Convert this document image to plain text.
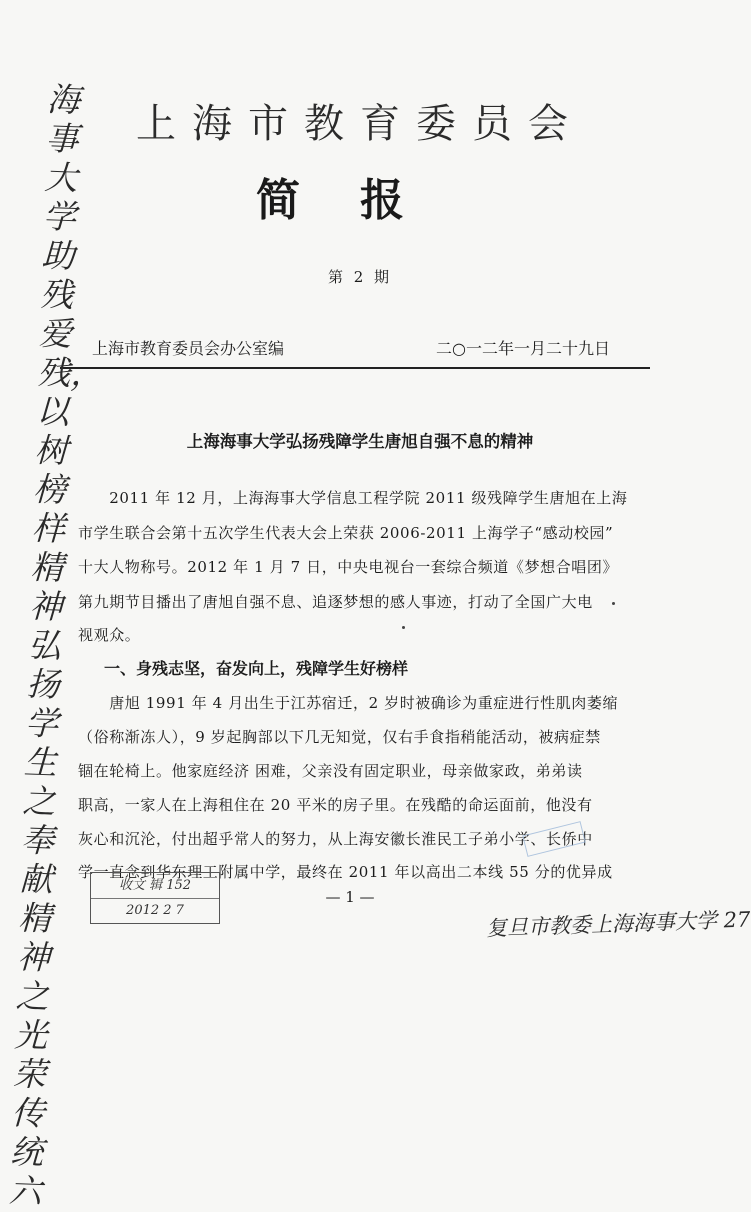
上海市教育委员会
简报
第 2 期
上海市教育委员会办公室编	二○一二年一月二十九日
上海海事大学弘扬残障学生唐旭自强不息的精神
　　2011 年 12 月，上海海事大学信息工程学院 2011 级残障学生唐旭在上海
市学生联合会第十五次学生代表大会上荣获 2006-2011 上海学子“感动校园”
十大人物称号。2012 年 1 月 7 日，中央电视台一套综合频道《梦想合唱团》
第九期节目播出了唐旭自强不息、追逐梦想的感人事迹，打动了全国广大电
视观众。
一、身残志坚，奋发向上，残障学生好榜样
　　唐旭 1991 年 4 月出生于江苏宿迁，2 岁时被确诊为重症进行性肌肉萎缩
（俗称渐冻人），9 岁起胸部以下几无知觉，仅右手食指稍能活动，被病症禁
锢在轮椅上。他家庭经济 困难，父亲没有固定职业，母亲做家政，弟弟读
职高，一家人在上海租住在 20 平米的房子里。在残酷的命运面前，他没有
灰心和沉沦，付出超乎常人的努力，从上海安徽长淮民工子弟小学、长侨中
学一直念到华东理工附属中学，最终在 2011 年以高出二本线 55 分的优异成
— 1 —
海事大学助残爱残，以树榜样精神弘扬学生之奉献精神之光荣传统六
复旦市教委上海海事大学 27
收文 辑 152
2012 2 7
